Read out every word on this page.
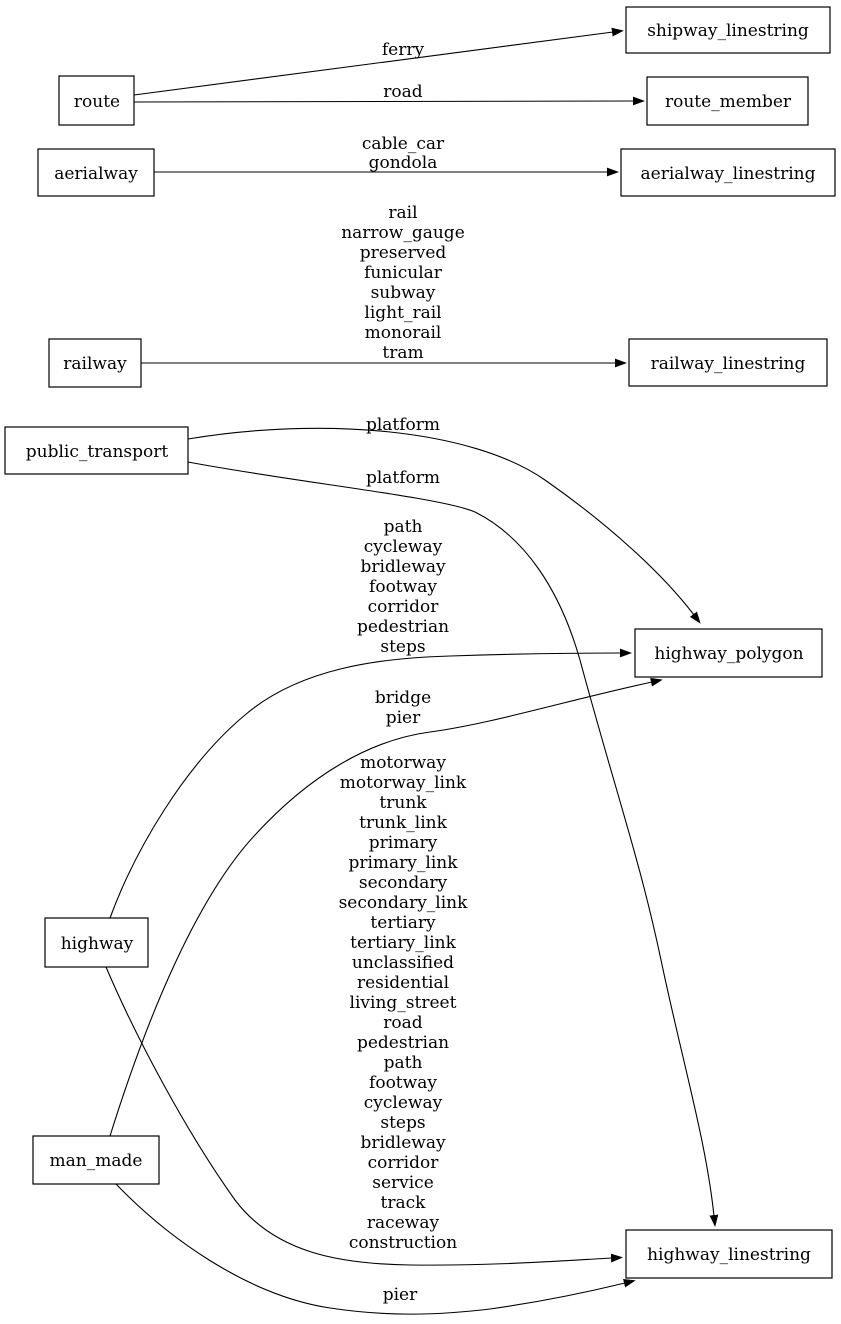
ferry
road
cable_car
gondola
rail
narrow_gauge
preserved
funicular
subway
light_rail
monorail
tram
platform
platform
path
cycleway
bridleway
footway
corridor
pedestrian
steps
bridge
pier
motorway
motorway_link
trunk
trunk_link
primary
primary_link
secondary
secondary_link
tertiary
tertiary_link
unclassified
residential
living_street
road
pedestrian
path
footway
cycleway
steps
bridleway
corridor
service
track
raceway
construction
pier
route
shipway_linestring
route_member
aerialway	aerialway_linestring
railway	railway_linestring
public_transport
highway
highway_polygon
man_made
highway_linestring
